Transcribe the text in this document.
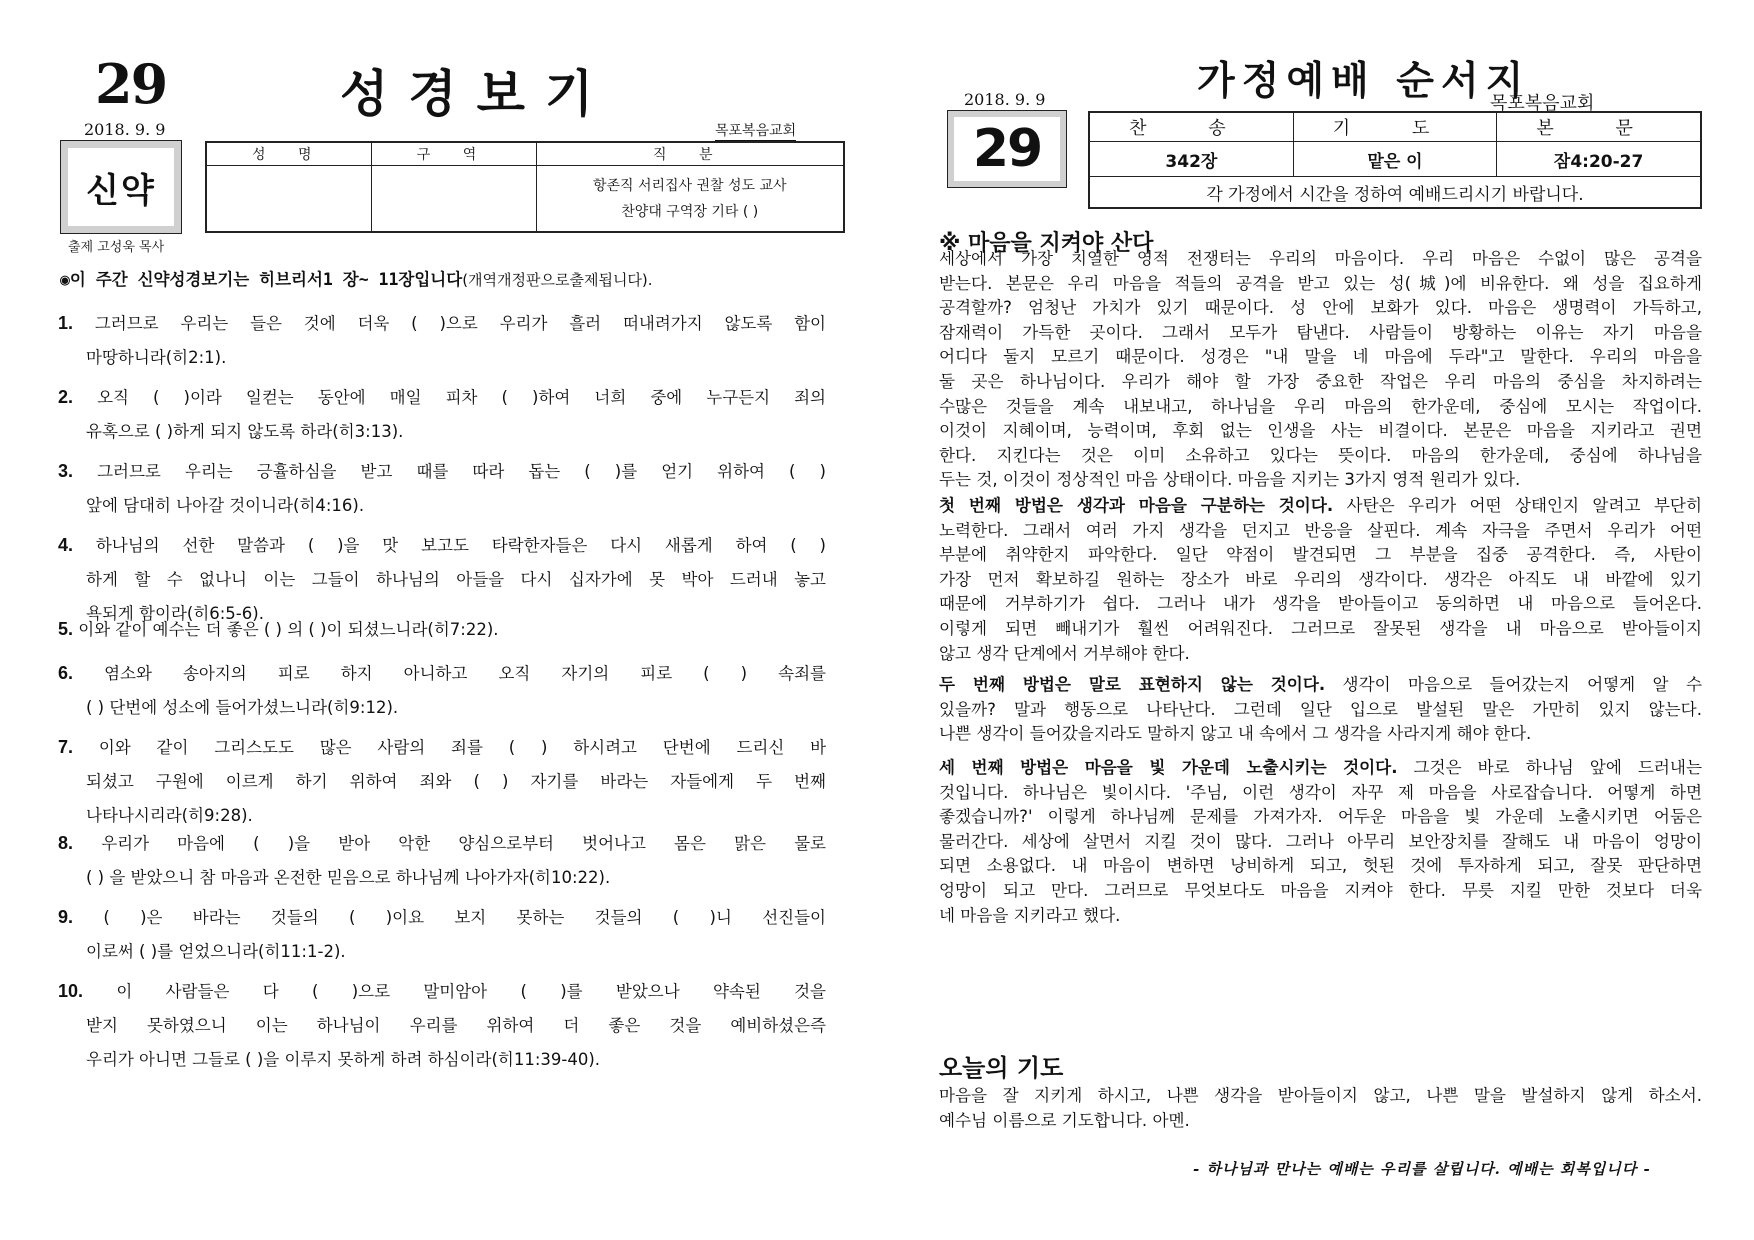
29	성경보기
2018. 9. 9	목포복음교회
신약
출제 고성욱 목사
성 명	구 역	직 분

		항존직 서리집사 권찰 성도 교사
찬양대 구역장 기타 ( )
◉이 주간 신약성경보기는 히브리서1 장~ 11장입니다(개역개정판으로출제됩니다).
1. 그러므로 우리는 들은 것에 더욱 ( )으로 우리가 흘러 떠내려가지 않도록 함이
마땅하니라(히2:1).
2. 오직 ( )이라 일컫는 동안에 매일 피차 ( )하여 너희 중에 누구든지 죄의
유혹으로 ( )하게 되지 않도록 하라(히3:13).
3. 그러므로 우리는 긍휼하심을 받고 때를 따라 돕는 ( )를 얻기 위하여 ( )
앞에 담대히 나아갈 것이니라(히4:16).
4. 하나님의 선한 말씀과 ( )을 맛 보고도 타락한자들은 다시 새롭게 하여 ( )
하게 할 수 없나니 이는 그들이 하나님의 아들을 다시 십자가에 못 박아 드러내 놓고
욕되게 함이라(히6:5-6).
5. 이와 같이 예수는 더 좋은 ( ) 의 ( )이 되셨느니라(히7:22).
6. 염소와 송아지의 피로 하지 아니하고 오직 자기의 피로 ( ) 속죄를
( ) 단번에 성소에 들어가셨느니라(히9:12).
7. 이와 같이 그리스도도 많은 사람의 죄를 ( ) 하시려고 단번에 드리신 바
되셨고 구원에 이르게 하기 위하여 죄와 ( ) 자기를 바라는 자들에게 두 번째
나타나시리라(히9:28).
8. 우리가 마음에 ( )을 받아 악한 양심으로부터 벗어나고 몸은 맑은 물로
( ) 을 받았으니 참 마음과 온전한 믿음으로 하나님께 나아가자(히10:22).
9. ( )은 바라는 것들의 ( )이요 보지 못하는 것들의 ( )니 선진들이
이로써 ( )를 얻었으니라(히11:1-2).
10. 이 사람들은 다 ( )으로 말미암아 ( )를 받았으나 약속된 것을
받지 못하였으니 이는 하나님이 우리를 위하여 더 좋은 것을 예비하셨은즉
우리가 아니면 그들로 ( )을 이루지 못하게 하려 하심이라(히11:39-40).
가정예배 순서지
2018. 9. 9	목포복음교회
29	찬 송	기 도	본 문
342장	맡은 이	잠4:20-27
각 가정에서 시간을 정하여 예배드리시기 바랍니다.		
※ 마음을 지켜야 산다
세상에서 가장 치열한 영적 전쟁터는 우리의 마음이다. 우리 마음은 수없이 많은 공격을
받는다. 본문은 우리 마음을 적들의 공격을 받고 있는 성(城)에 비유한다. 왜 성을 집요하게
공격할까? 엄청난 가치가 있기 때문이다. 성 안에 보화가 있다. 마음은 생명력이 가득하고,
잠재력이 가득한 곳이다. 그래서 모두가 탐낸다. 사람들이 방황하는 이유는 자기 마음을
어디다 둘지 모르기 때문이다. 성경은 "내 말을 네 마음에 두라"고 말한다. 우리의 마음을
둘 곳은 하나님이다. 우리가 해야 할 가장 중요한 작업은 우리 마음의 중심을 차지하려는
수많은 것들을 계속 내보내고, 하나님을 우리 마음의 한가운데, 중심에 모시는 작업이다.
이것이 지혜이며, 능력이며, 후회 없는 인생을 사는 비결이다. 본문은 마음을 지키라고 권면
한다. 지킨다는 것은 이미 소유하고 있다는 뜻이다. 마음의 한가운데, 중심에 하나님을
두는 것, 이것이 정상적인 마음 상태이다. 마음을 지키는 3가지 영적 원리가 있다.
첫 번째 방법은 생각과 마음을 구분하는 것이다. 사탄은 우리가 어떤 상태인지 알려고 부단히
노력한다. 그래서 여러 가지 생각을 던지고 반응을 살핀다. 계속 자극을 주면서 우리가 어떤
부분에 취약한지 파악한다. 일단 약점이 발견되면 그 부분을 집중 공격한다. 즉, 사탄이
가장 먼저 확보하길 원하는 장소가 바로 우리의 생각이다. 생각은 아직도 내 바깥에 있기
때문에 거부하기가 쉽다. 그러나 내가 생각을 받아들이고 동의하면 내 마음으로 들어온다.
이렇게 되면 빼내기가 훨씬 어려워진다. 그러므로 잘못된 생각을 내 마음으로 받아들이지
않고 생각 단계에서 거부해야 한다.
두 번째 방법은 말로 표현하지 않는 것이다. 생각이 마음으로 들어갔는지 어떻게 알 수
있을까? 말과 행동으로 나타난다. 그런데 일단 입으로 발설된 말은 가만히 있지 않는다.
나쁜 생각이 들어갔을지라도 말하지 않고 내 속에서 그 생각을 사라지게 해야 한다.
세 번째 방법은 마음을 빛 가운데 노출시키는 것이다. 그것은 바로 하나님 앞에 드러내는
것입니다. 하나님은 빛이시다. '주님, 이런 생각이 자꾸 제 마음을 사로잡습니다. 어떻게 하면
좋겠습니까?' 이렇게 하나님께 문제를 가져가자. 어두운 마음을 빛 가운데 노출시키면 어둠은
물러간다. 세상에 살면서 지킬 것이 많다. 그러나 아무리 보안장치를 잘해도 내 마음이 엉망이
되면 소용없다. 내 마음이 변하면 낭비하게 되고, 헛된 것에 투자하게 되고, 잘못 판단하면
엉망이 되고 만다. 그러므로 무엇보다도 마음을 지켜야 한다. 무릇 지킬 만한 것보다 더욱
네 마음을 지키라고 했다.
오늘의 기도
마음을 잘 지키게 하시고, 나쁜 생각을 받아들이지 않고, 나쁜 말을 발설하지 않게 하소서.
예수님 이름으로 기도합니다. 아멘.
- 하나님과 만나는 예배는 우리를 살립니다. 예배는 회복입니다 -
